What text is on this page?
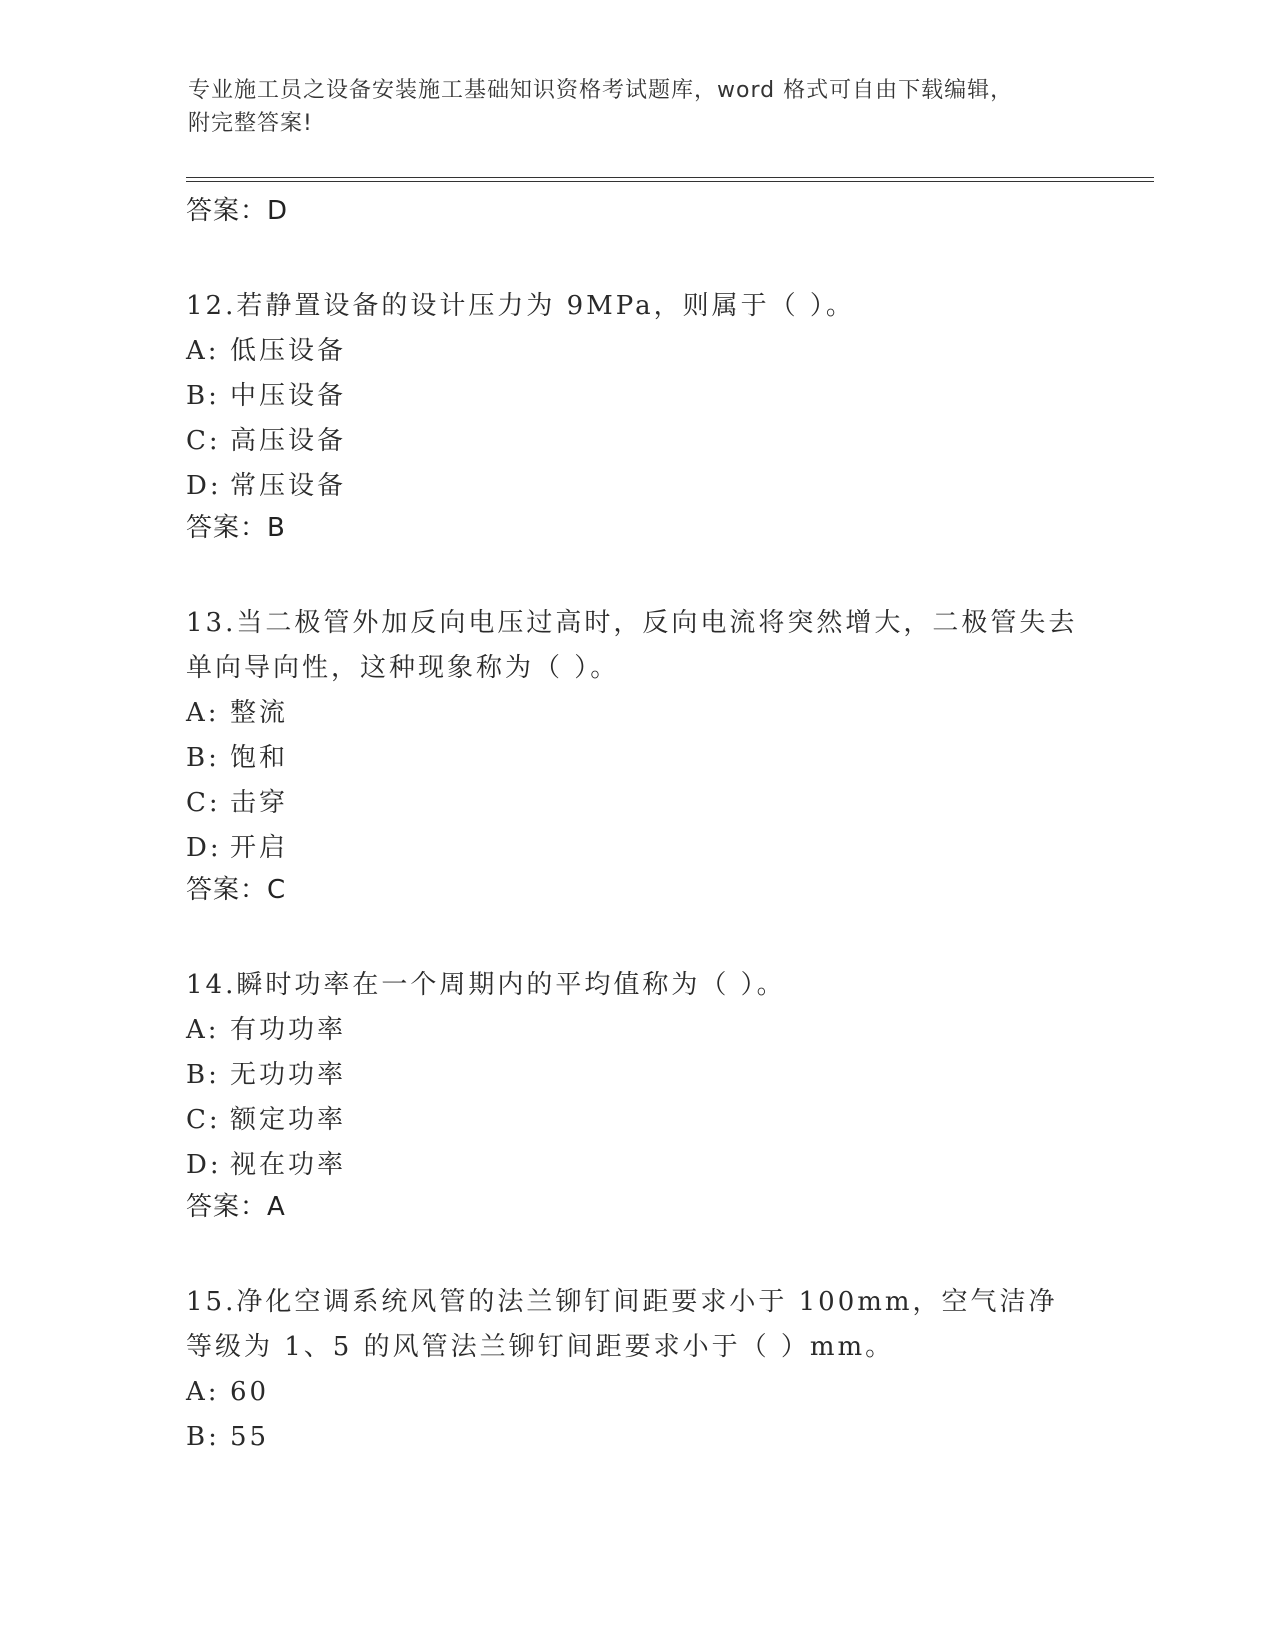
专业施工员之设备安装施工基础知识资格考试题库，word 格式可自由下载编辑，
附完整答案!
答案：D
12.若静置设备的设计压力为 9MPa，则属于（ ）。
A: 低压设备
B: 中压设备
C: 高压设备
D: 常压设备
答案：B
13.当二极管外加反向电压过高时，反向电流将突然增大，二极管失去单向导向性，这种现象称为（ ）。
A: 整流
B: 饱和
C: 击穿
D: 开启
答案：C
14.瞬时功率在一个周期内的平均值称为（ ）。
A: 有功功率
B: 无功功率
C: 额定功率
D: 视在功率
答案：A
15.净化空调系统风管的法兰铆钉间距要求小于 100mm，空气洁净等级为 1、5 的风管法兰铆钉间距要求小于（ ）mm。
A: 60
B: 55
